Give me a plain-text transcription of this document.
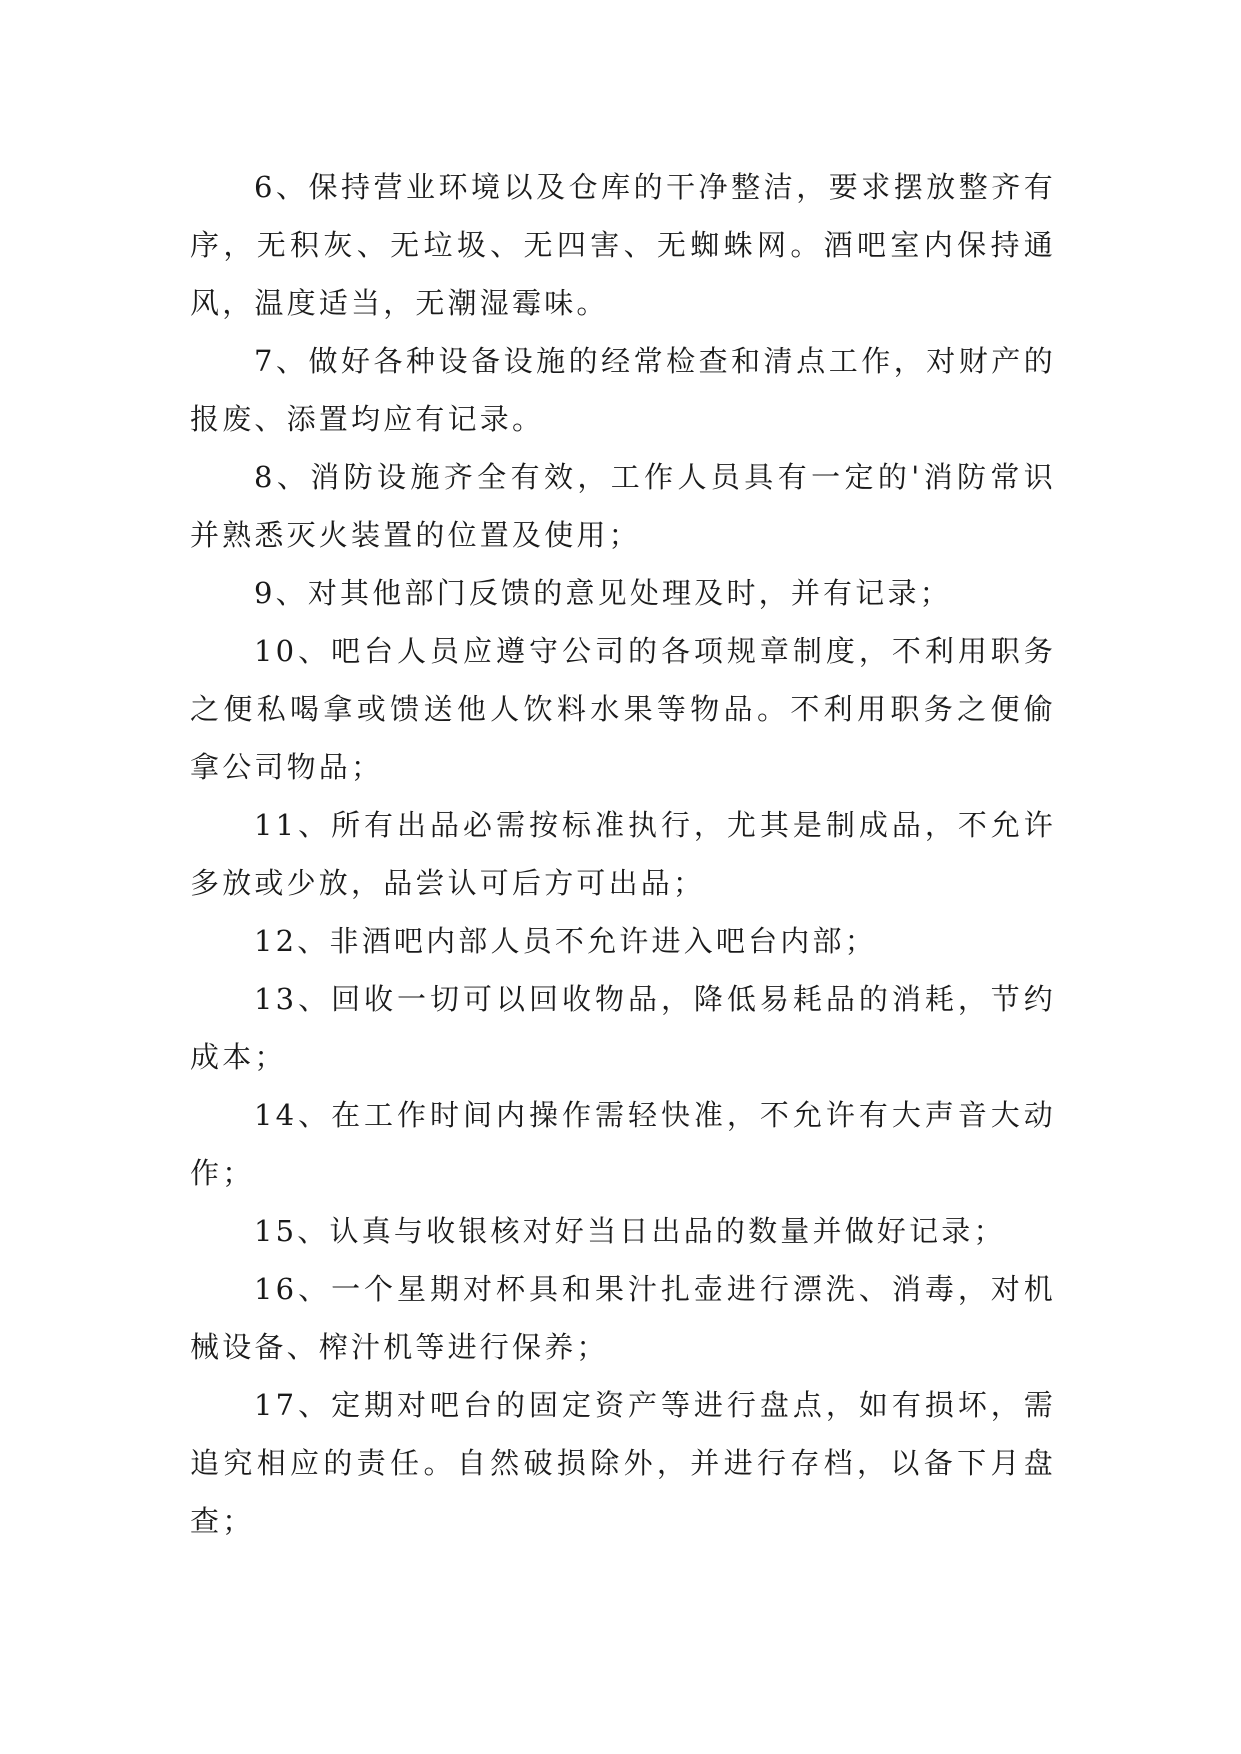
6、保持营业环境以及仓库的干净整洁，要求摆放整齐有序，无积灰、无垃圾、无四害、无蜘蛛网。酒吧室内保持通风，温度适当，无潮湿霉味。

7、做好各种设备设施的经常检查和清点工作，对财产的报废、添置均应有记录。

8、消防设施齐全有效，工作人员具有一定的'消防常识并熟悉灭火装置的位置及使用；

9、对其他部门反馈的意见处理及时，并有记录；

10、吧台人员应遵守公司的各项规章制度，不利用职务之便私喝拿或馈送他人饮料水果等物品。不利用职务之便偷拿公司物品；

11、所有出品必需按标准执行，尤其是制成品，不允许多放或少放，品尝认可后方可出品；

12、非酒吧内部人员不允许进入吧台内部；

13、回收一切可以回收物品，降低易耗品的消耗，节约成本；

14、在工作时间内操作需轻快准，不允许有大声音大动作；

15、认真与收银核对好当日出品的数量并做好记录；

16、一个星期对杯具和果汁扎壶进行漂洗、消毒，对机械设备、榨汁机等进行保养；

17、定期对吧台的固定资产等进行盘点，如有损坏，需追究相应的责任。自然破损除外，并进行存档，以备下月盘查；
